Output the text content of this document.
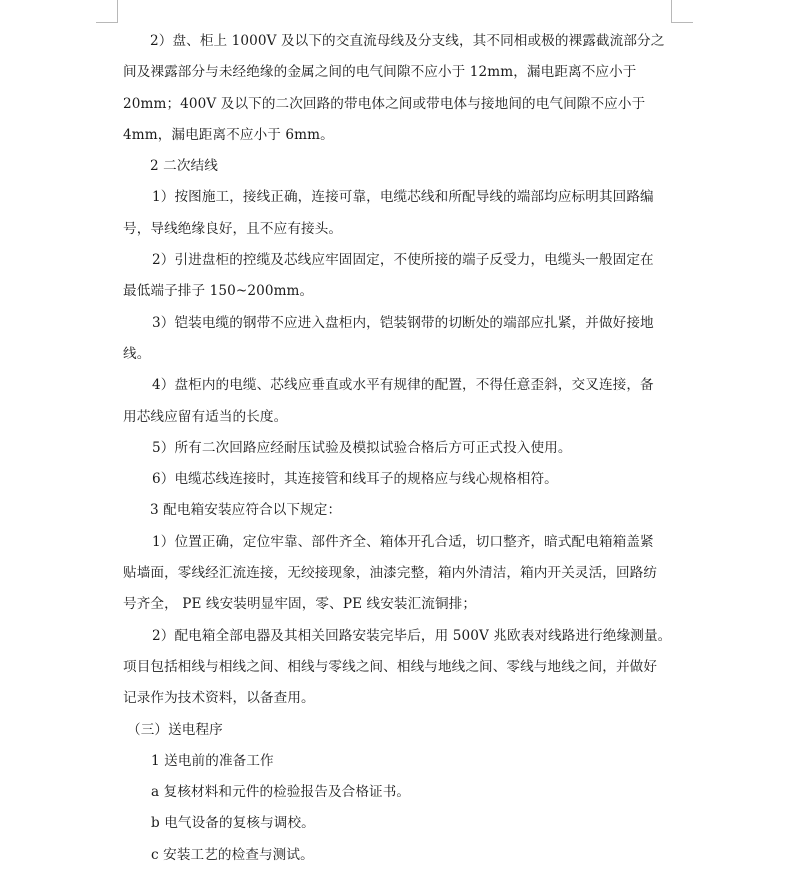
2）盘、柜上 1000V 及以下的交直流母线及分支线，其不同相或极的裸露截流部分之
间及裸露部分与未经绝缘的金属之间的电气间隙不应小于 12mm，漏电距离不应小于
20mm；400V 及以下的二次回路的带电体之间或带电体与接地间的电气间隙不应小于
4mm，漏电距离不应小于 6mm。
2 二次结线
1）按图施工，接线正确，连接可靠，电缆芯线和所配导线的端部均应标明其回路编
号，导线绝缘良好，且不应有接头。
2）引进盘柜的控缆及芯线应牢固固定，不使所接的端子反受力，电缆头一般固定在
最低端子排子 150~200mm。
3）铠装电缆的钢带不应进入盘柜内，铠装钢带的切断处的端部应扎紧，并做好接地
线。
4）盘柜内的电缆、芯线应垂直或水平有规律的配置，不得任意歪斜，交叉连接，备
用芯线应留有适当的长度。
5）所有二次回路应经耐压试验及模拟试验合格后方可正式投入使用。
6）电缆芯线连接时，其连接管和线耳子的规格应与线心规格相符。
3 配电箱安装应符合以下规定：
1）位置正确，定位牢靠、部件齐全、箱体开孔合适，切口整齐，暗式配电箱箱盖紧
贴墙面，零线经汇流连接，无绞接现象，油漆完整，箱内外清洁，箱内开关灵活，回路纺
号齐全， PE 线安装明显牢固，零、PE 线安装汇流铜排；
2）配电箱全部电器及其相关回路安装完毕后，用 500V 兆欧表对线路进行绝缘测量。
项目包括相线与相线之间、相线与零线之间、相线与地线之间、零线与地线之间，并做好
记录作为技术资料，以备查用。
（三）送电程序
1 送电前的准备工作
a 复核材料和元件的检验报告及合格证书。
b 电气设备的复核与调校。
c 安装工艺的检查与测试。
